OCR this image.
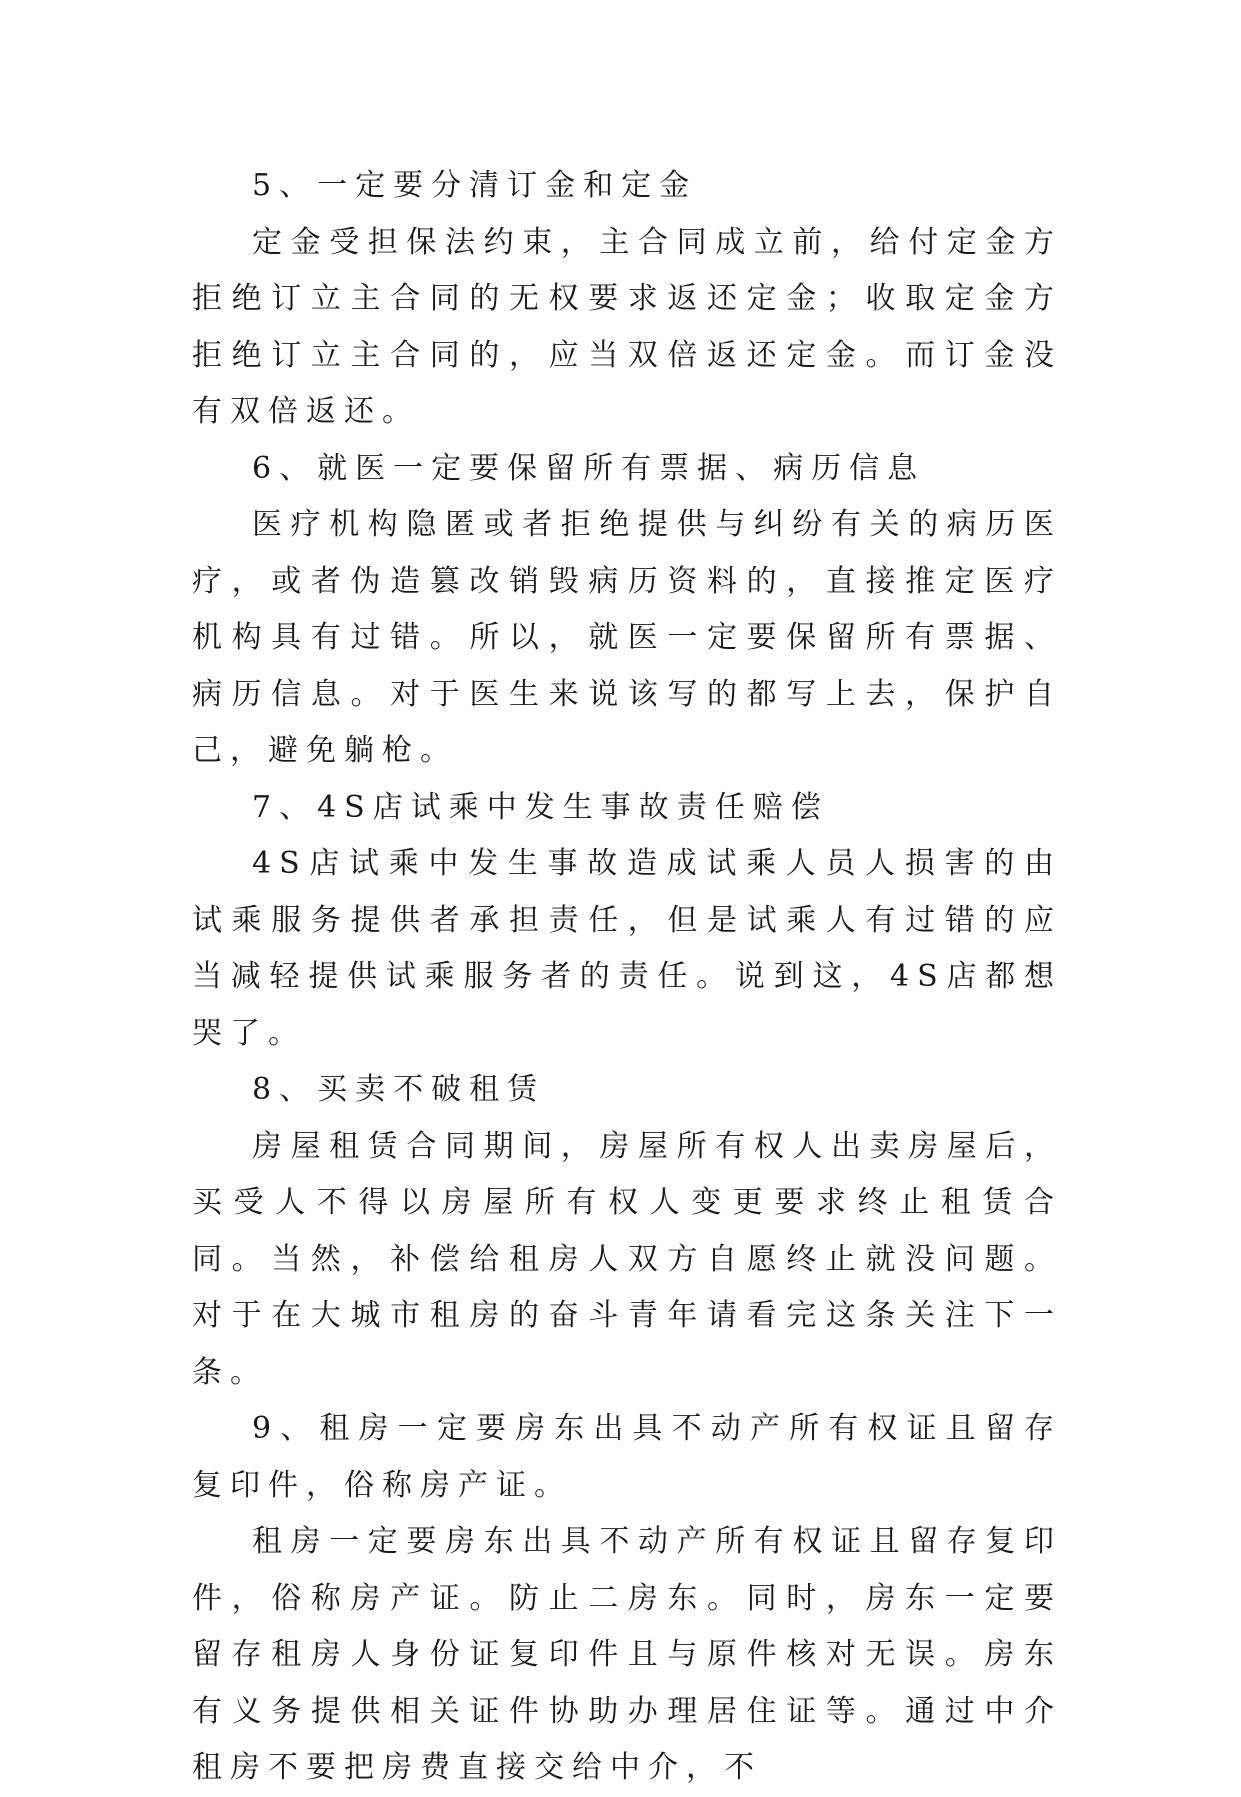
5、一定要分清订金和定金

定金受担保法约束，主合同成立前，给付定金方拒绝订立主合同的无权要求返还定金；收取定金方拒绝订立主合同的，应当双倍返还定金。而订金没有双倍返还。

6、就医一定要保留所有票据、病历信息

医疗机构隐匿或者拒绝提供与纠纷有关的病历医疗，或者伪造篡改销毁病历资料的，直接推定医疗机构具有过错。所以，就医一定要保留所有票据、病历信息。对于医生来说该写的都写上去，保护自己，避免躺枪。

7、4S店试乘中发生事故责任赔偿

4S店试乘中发生事故造成试乘人员人损害的由试乘服务提供者承担责任，但是试乘人有过错的应当减轻提供试乘服务者的责任。说到这，4S店都想哭了。

8、买卖不破租赁

房屋租赁合同期间，房屋所有权人出卖房屋后，买受人不得以房屋所有权人变更要求终止租赁合同。当然，补偿给租房人双方自愿终止就没问题。对于在大城市租房的奋斗青年请看完这条关注下一条。

9、租房一定要房东出具不动产所有权证且留存复印件，俗称房产证。

租房一定要房东出具不动产所有权证且留存复印件，俗称房产证。防止二房东。同时，房东一定要留存租房人身份证复印件且与原件核对无误。房东有义务提供相关证件协助办理居住证等。通过中介租房不要把房费直接交给中介，不
